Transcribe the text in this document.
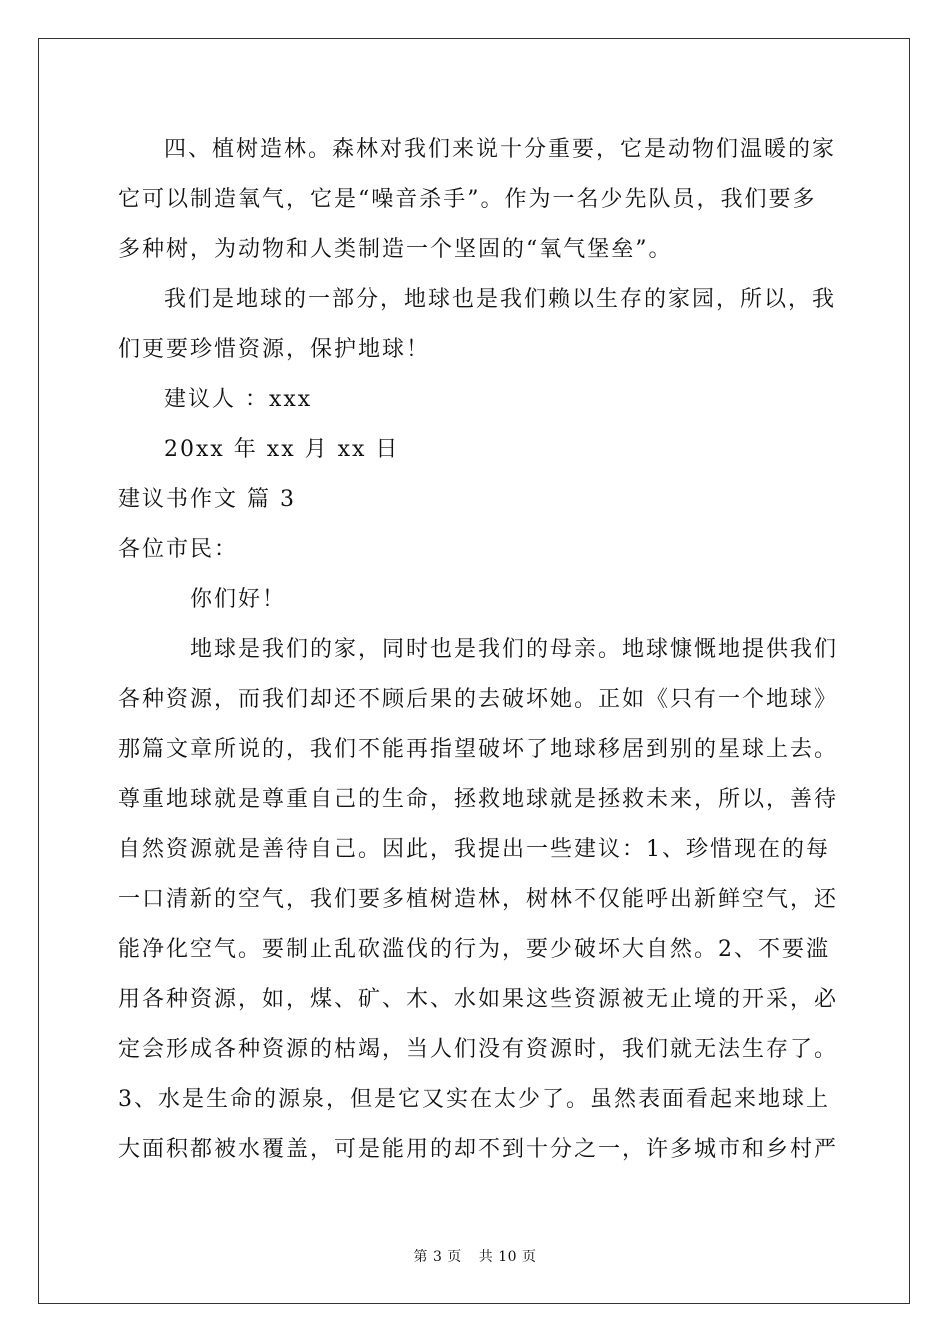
四、植树造林。森林对我们来说十分重要，它是动物们温暖的家
它可以制造氧气，它是“噪音杀手”。作为一名少先队员，我们要多
多种树，为动物和人类制造一个坚固的“氧气堡垒”。
我们是地球的一部分，地球也是我们赖以生存的家园，所以，我
们更要珍惜资源，保护地球！
建议人 ：xxx
20xx 年 xx 月 xx 日
建议书作文 篇 3
各位市民：
你们好！
地球是我们的家，同时也是我们的母亲。地球慷慨地提供我们
各种资源，而我们却还不顾后果的去破坏她。正如《只有一个地球》
那篇文章所说的，我们不能再指望破坏了地球移居到别的星球上去。
尊重地球就是尊重自己的生命，拯救地球就是拯救未来，所以，善待
自然资源就是善待自己。因此，我提出一些建议：1、珍惜现在的每
一口清新的空气，我们要多植树造林，树林不仅能呼出新鲜空气，还
能净化空气。要制止乱砍滥伐的行为，要少破坏大自然。2、不要滥
用各种资源，如，煤、矿、木、水如果这些资源被无止境的开采，必
定会形成各种资源的枯竭，当人们没有资源时，我们就无法生存了。
3、水是生命的源泉，但是它又实在太少了。虽然表面看起来地球上
大面积都被水覆盖，可是能用的却不到十分之一，许多城市和乡村严
第 3 页 共 10 页
